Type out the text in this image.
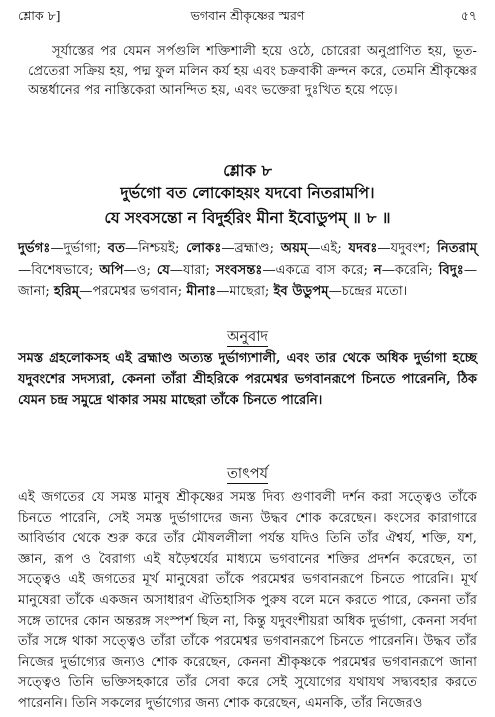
শ্লোক ৮]	ভগবান শ্রীকৃষ্ণের স্মরণ	৫৭
সূর্যাস্তের পর যেমন সর্পগুলি শক্তিশালী হয়ে ওঠে, চোরেরা অনুপ্রাণিত হয়, ভূত-প্রেতেরা সক্রিয় হয়, পদ্ম ফুল মলিন কর্য হয় এবং চক্রবাকী ক্রন্দন করে, তেমনি শ্রীকৃষ্ণের অন্তর্ধানের পর নাস্তিকেরা আনন্দিত হয়, এবং ভক্তেরা দুঃখিত হয়ে পড়ে।
শ্লোক ৮
দুর্ভগো বত লোকোহয়ং যদবো নিতরামপি।
যে সংবসন্তো ন বিদুর্হরিং মীনা ইবোডুপম্ ॥ ৮ ॥
দুর্ভগঃ—দুর্ভাগা; বত—নিশ্চয়ই; লোকঃ—ব্রহ্মাণ্ড; অয়ম্—এই; যদবঃ—যদুবংশ; নিতরাম্—বিশেষভাবে; অপি—ও; যে—যারা; সংবসন্তঃ—একত্রে বাস করে; ন—করেনি; বিদুঃ—জানা; হরিম্—পরমেশ্বর ভগবান; মীনাঃ—মাছেরা; ইব উডুপম্—চন্দ্রের মতো।
অনুবাদ
সমস্ত গ্রহলোকসহ এই ব্রহ্মাণ্ড অত্যন্ত দুর্ভাগ্যশালী, এবং তার থেকে অধিক দুর্ভাগা হচ্ছে যদুবংশের সদস্যরা, কেননা তাঁরা শ্রীহরিকে পরমেশ্বর ভগবানরূপে চিনতে পারেননি, ঠিক যেমন চন্দ্র সমুদ্রে থাকার সময় মাছেরা তাঁকে চিনতে পারেনি।
তাৎপর্য
এই জগতের যে সমস্ত মানুষ শ্রীকৃষ্ণের সমস্ত দিব্য গুণাবলী দর্শন করা সত্ত্বেও তাঁকে চিনতে পারেনি, সেই সমস্ত দুর্ভাগাদের জন্য উদ্ধব শোক করেছেন। কংসের কারাগারে আবির্ভাব থেকে শুরু করে তাঁর মৌষললীলা পর্যন্ত যদিও তিনি তাঁর ঐশ্বর্য, শক্তি, যশ, জ্ঞান, রূপ ও বৈরাগ্য এই ষড়ৈশ্বর্যের মাধ্যমে ভগবানের শক্তির প্রদর্শন করেছেন, তা সত্ত্বেও এই জগতের মূর্খ মানুষেরা তাঁকে পরমেশ্বর ভগবানরূপে চিনতে পারেনি। মূর্খ মানুষেরা তাঁকে একজন অসাধারণ ঐতিহাসিক পুরুষ বলে মনে করতে পারে, কেননা তাঁর সঙ্গে তাদের কোন অন্তরঙ্গ সংস্পর্শ ছিল না, কিন্তু যদুবংশীয়রা অধিক দুর্ভাগা, কেননা সর্বদা তাঁর সঙ্গে থাকা সত্ত্বেও তাঁরা তাঁকে পরমেশ্বর ভগবানরূপে চিনতে পারেননি। উদ্ধব তাঁর নিজের দুর্ভাগ্যের জন্যও শোক করেছেন, কেননা শ্রীকৃষ্ণকে পরমেশ্বর ভগবানরূপে জানা সত্ত্বেও তিনি ভক্তিসহকারে তাঁর সেবা করে সেই সুযোগের যথাযথ সদ্ব্যবহার করতে পারেননি। তিনি সকলের দুর্ভাগ্যের জন্য শোক করেছেন, এমনকি, তাঁর নিজেরও
